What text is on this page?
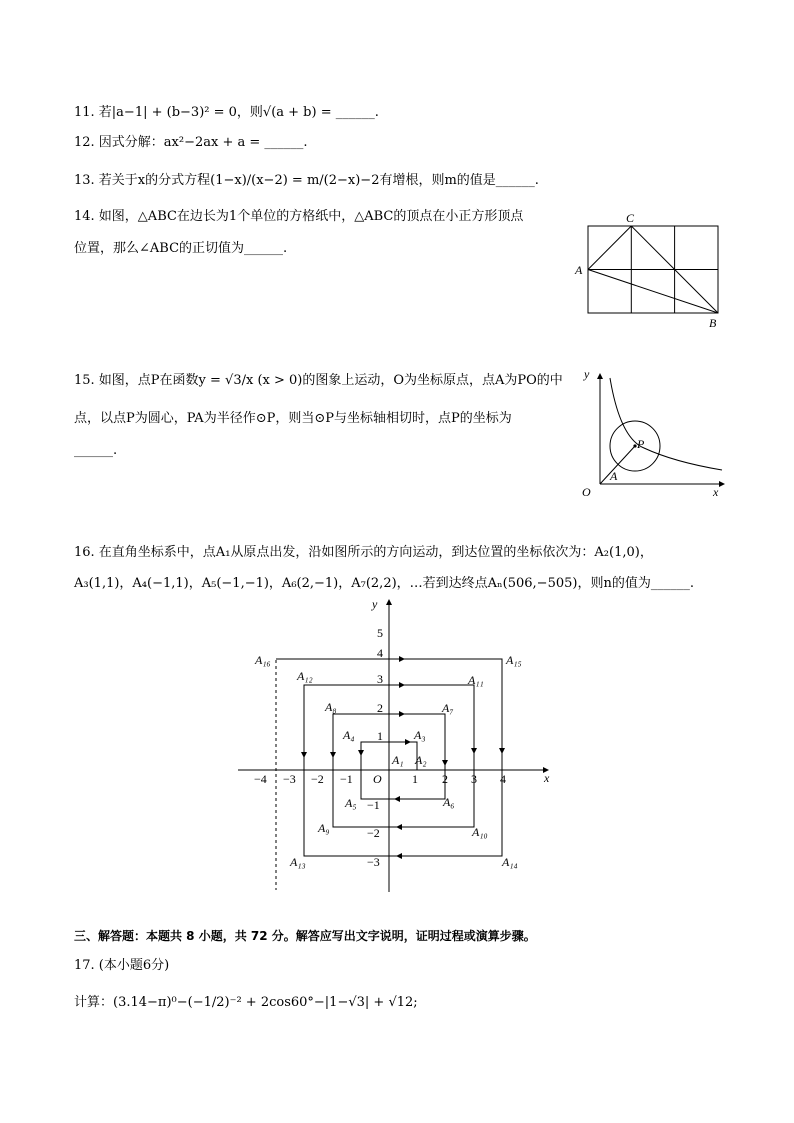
11. 若|a−1| + (b−3)² = 0，则√(a + b) = ______.
12. 因式分解：ax²−2ax + a = ______.
13. 若关于x的分式方程(1−x)/(x−2) = m/(2−x)−2有增根，则m的值是______.
14. 如图，△ABC在边长为1个单位的方格纸中，△ABC的顶点在小正方形顶点
位置，那么∠ABC的正切值为______.
C
A
B
15. 如图，点P在函数y = √3/x (x > 0)的图象上运动，O为坐标原点，点A为PO的中
点，以点P为圆心，PA为半径作⊙P，则当⊙P与坐标轴相切时，点P的坐标为
______.
y
x
O
P
A
16. 在直角坐标系中，点A₁从原点出发，沿如图所示的方向运动，到达位置的坐标依次为：A₂(1,0)，
A₃(1,1)，A₄(−1,1)，A₅(−1,−1)，A₆(2,−1)，A₇(2,2)，…若到达终点Aₙ(506,−505)，则n的值为______.
−4 −3 −2 −1	1 2 3 4
1
2
3
4
5
−1
−2
−3
x
y
O
A₁ A₂
A₃
A₄
A₅	A₆
A₇
A₈
A₉	A₁₀
A₁₁
A₁₂
A₁₃	A₁₄
A₁₅
A₁₆
三、解答题：本题共 8 小题，共 72 分。解答应写出文字说明，证明过程或演算步骤。
17. (本小题6分)
计算：(3.14−π)⁰−(−1/2)⁻² + 2cos60°−|1−√3| + √12;
